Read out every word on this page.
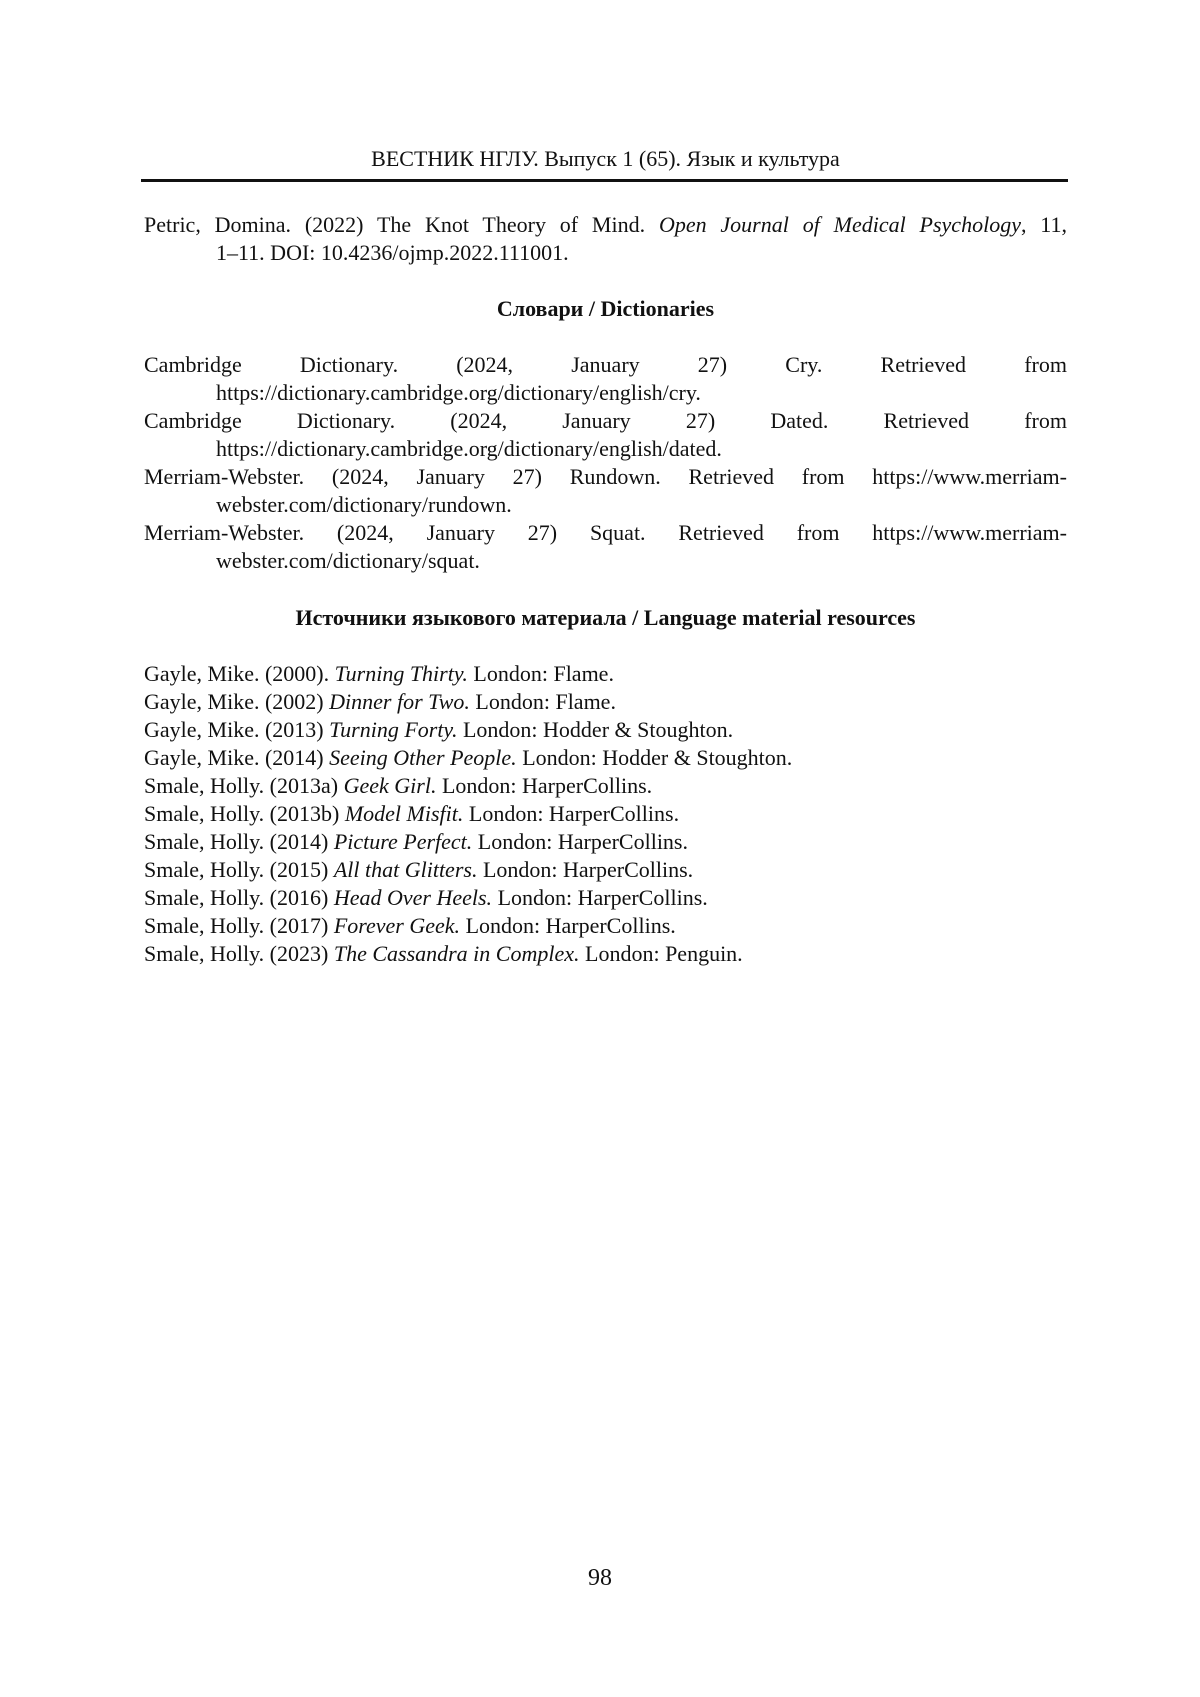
ВЕСТНИК НГЛУ. Выпуск 1 (65). Язык и культура
Petric, Domina. (2022) The Knot Theory of Mind. Open Journal of Medical Psychology, 11,
1–11. DOI: 10.4236/ojmp.2022.111001.
Словари / Dictionaries
Cambridge Dictionary. (2024, January 27) Cry. Retrieved from
https://dictionary.cambridge.org/dictionary/english/cry.
Cambridge Dictionary. (2024, January 27) Dated. Retrieved from
https://dictionary.cambridge.org/dictionary/english/dated.
Merriam-Webster. (2024, January 27) Rundown. Retrieved from https://www.merriam-
webster.com/dictionary/rundown.
Merriam-Webster. (2024, January 27) Squat. Retrieved from https://www.merriam-
webster.com/dictionary/squat.
Источники языкового материала / Language material resources
Gayle, Mike. (2000). Turning Thirty. London: Flame.
Gayle, Mike. (2002) Dinner for Two. London: Flame.
Gayle, Mike. (2013) Turning Forty. London: Hodder & Stoughton.
Gayle, Mike. (2014) Seeing Other People. London: Hodder & Stoughton.
Smale, Holly. (2013a) Geek Girl. London: HarperCollins.
Smale, Holly. (2013b) Model Misfit. London: HarperCollins.
Smale, Holly. (2014) Picture Perfect. London: HarperCollins.
Smale, Holly. (2015) All that Glitters. London: HarperCollins.
Smale, Holly. (2016) Head Over Heels. London: HarperCollins.
Smale, Holly. (2017) Forever Geek. London: HarperCollins.
Smale, Holly. (2023) The Cassandra in Complex. London: Penguin.
98
